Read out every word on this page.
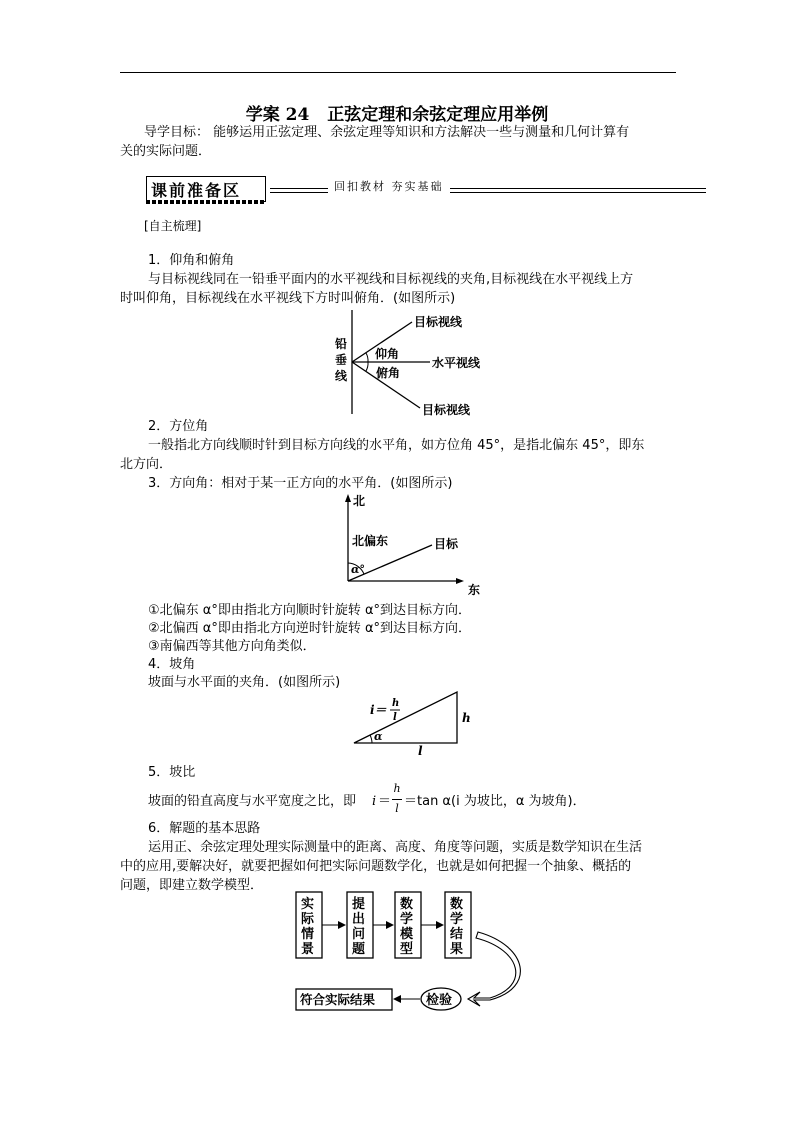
学案 24 正弦定理和余弦定理应用举例
导学目标： 能够运用正弦定理、余弦定理等知识和方法解决一些与测量和几何计算有
关的实际问题．
课前准备区	回扣教材 夯实基础
[自主梳理]
1．仰角和俯角
与目标视线同在一铅垂平面内的水平视线和目标视线的夹角,目标视线在水平视线上方
时叫仰角，目标视线在水平视线下方时叫俯角．(如图所示)
铅
垂
线
目标视线
水平视线
目标视线
仰角
俯角
2．方位角
一般指北方向线顺时针到目标方向线的水平角，如方位角 45°，是指北偏东 45°，即东
北方向．
3．方向角：相对于某一正方向的水平角．(如图所示)
北
东
北偏东	目标
α°
①北偏东 α°即由指北方向顺时针旋转 α°到达目标方向．
②北偏西 α°即由指北方向逆时针旋转 α°到达目标方向．
③南偏西等其他方向角类似．
4．坡角
坡面与水平面的夹角．(如图所示)
i＝ h
l	h
l
α
5．坡比
坡面的铅直高度与水平宽度之比，即 i ＝
h
l ＝tan α(i 为坡比，α 为坡角)．
6．解题的基本思路
运用正、余弦定理处理实际测量中的距离、高度、角度等问题，实质是数学知识在生活
中的应用,要解决好，就要把握如何把实际问题数学化，也就是如何把握一个抽象、概括的
问题，即建立数学模型．
实
际
情
景
提
出
问
题
数
学
模
型
数
学
结
果
检验
符合实际结果
